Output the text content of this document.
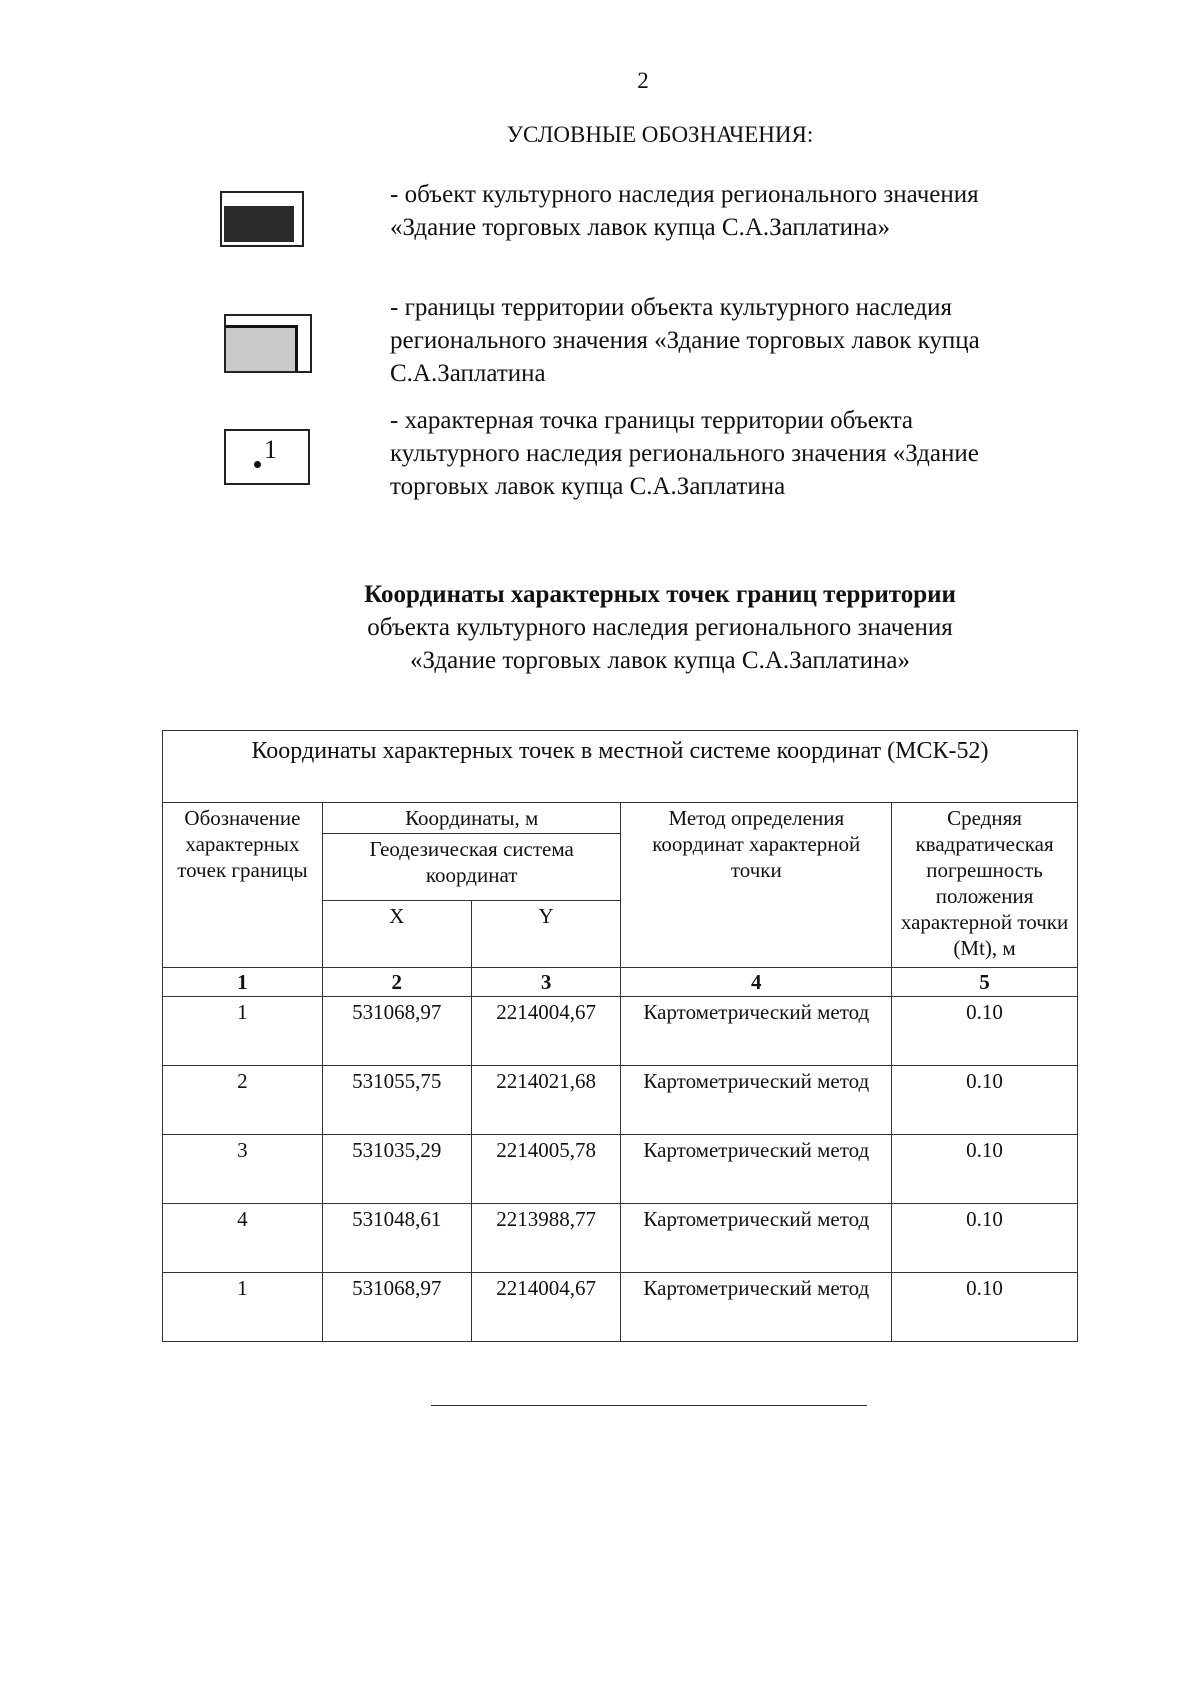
2
УСЛОВНЫЕ ОБОЗНАЧЕНИЯ:
- объект культурного наследия регионального значения
«Здание торговых лавок купца С.А.Заплатина»
- границы территории объекта культурного наследия
регионального значения «Здание торговых лавок купца
С.А.Заплатина
1
- характерная точка границы территории объекта
культурного наследия регионального значения «Здание
торговых лавок купца С.А.Заплатина
Координаты характерных точек границ территории
объекта культурного наследия регионального значения
«Здание торговых лавок купца С.А.Заплатина»
Координаты характерных точек в местной системе координат (МСК-52)				
Обозначение характерных точек границы	Координаты, м		Метод определения координат характерной точки	Средняя квадратическая погрешность положения характерной точки (Mt), м
	Геодезическая система координат			
	X	Y		
1	2	3	4	5
1	531068,97	2214004,67	Картометрический метод	0.10
2	531055,75	2214021,68	Картометрический метод	0.10
3	531035,29	2214005,78	Картометрический метод	0.10
4	531048,61	2213988,77	Картометрический метод	0.10
1	531068,97	2214004,67	Картометрический метод	0.10
